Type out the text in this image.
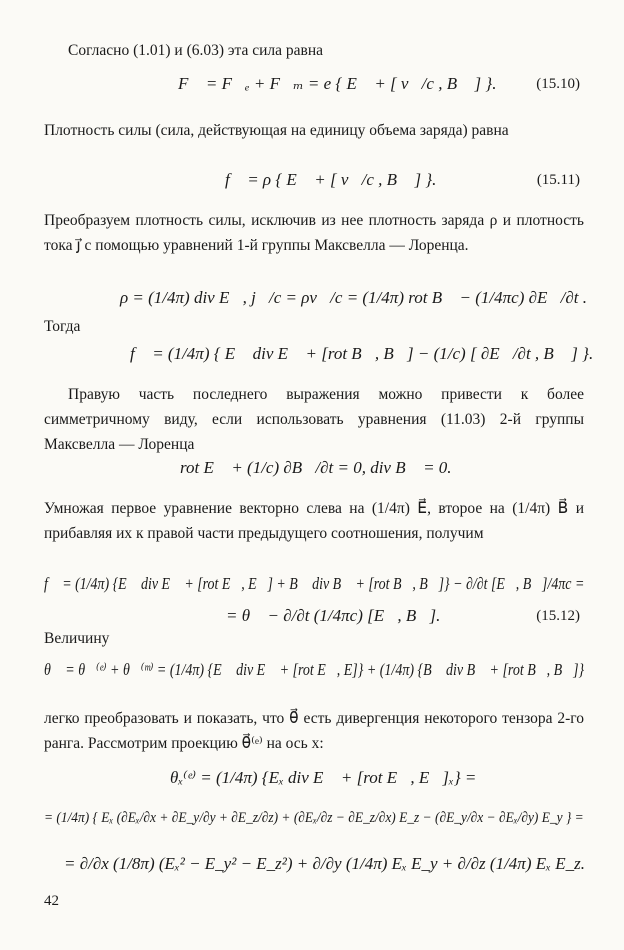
Согласно (1.01) и (6.03) эта сила равна
F⃗ = F⃗ₑ + F⃗ₘ = e { E⃗ + [ v⃗/c , B⃗ ] }.	(15.10)
Плотность силы (сила, действующая на единицу объема заряда) равна
f⃗ = ρ { E⃗ + [ v⃗/c , B⃗ ] }.	(15.11)
Преобразуем плотность силы, исключив из нее плотность заряда ρ и плотность тока j⃗ с помощью уравнений 1-й группы Максвелла — Лоренца.
ρ = (1/4π) div E⃗, j⃗/c = ρv⃗/c = (1/4π) rot B⃗ − (1/4πc) ∂E⃗/∂t .
Тогда
f⃗ = (1/4π) { E⃗ div E⃗ + [rot B⃗, B⃗] − (1/c) [ ∂E⃗/∂t , B⃗ ] }.
Правую часть последнего выражения можно привести к более симметричному виду, если использовать уравнения (11.03) 2-й группы Максвелла — Лоренца
rot E⃗ + (1/c) ∂B⃗/∂t = 0, div B⃗ = 0.
Умножая первое уравнение векторно слева на (1/4π) E⃗, второе на (1/4π) B⃗ и прибавляя их к правой части предыдущего соотношения, получим
f⃗ = (1/4π) {E⃗ div E⃗ + [rot E⃗, E⃗] + B⃗ div B⃗ + [rot B⃗, B⃗]} − ∂/∂t [E⃗, B⃗]/4πc =
= θ⃗ − ∂/∂t (1/4πc) [E⃗, B⃗].	(15.12)
Величину
θ⃗ = θ⃗⁽ᵉ⁾ + θ⃗⁽ᵐ⁾ = (1/4π) {E⃗ div E⃗ + [rot E⃗, E]} + (1/4π) {B⃗ div B⃗ + [rot B⃗, B⃗]}
легко преобразовать и показать, что θ⃗ есть дивергенция некоторого тензора 2-го ранга. Рассмотрим проекцию θ⃗⁽ᵉ⁾ на ось x:
θₓ⁽ᵉ⁾ = (1/4π) {Eₓ div E⃗ + [rot E⃗, E⃗]ₓ} =
= (1/4π) { Eₓ (∂Eₓ/∂x + ∂E_y/∂y + ∂E_z/∂z) + (∂Eₓ/∂z − ∂E_z/∂x) E_z − (∂E_y/∂x − ∂Eₓ/∂y) E_y } =
= ∂/∂x (1/8π) (Eₓ² − E_y² − E_z²) + ∂/∂y (1/4π) Eₓ E_y + ∂/∂z (1/4π) Eₓ E_z.
42
